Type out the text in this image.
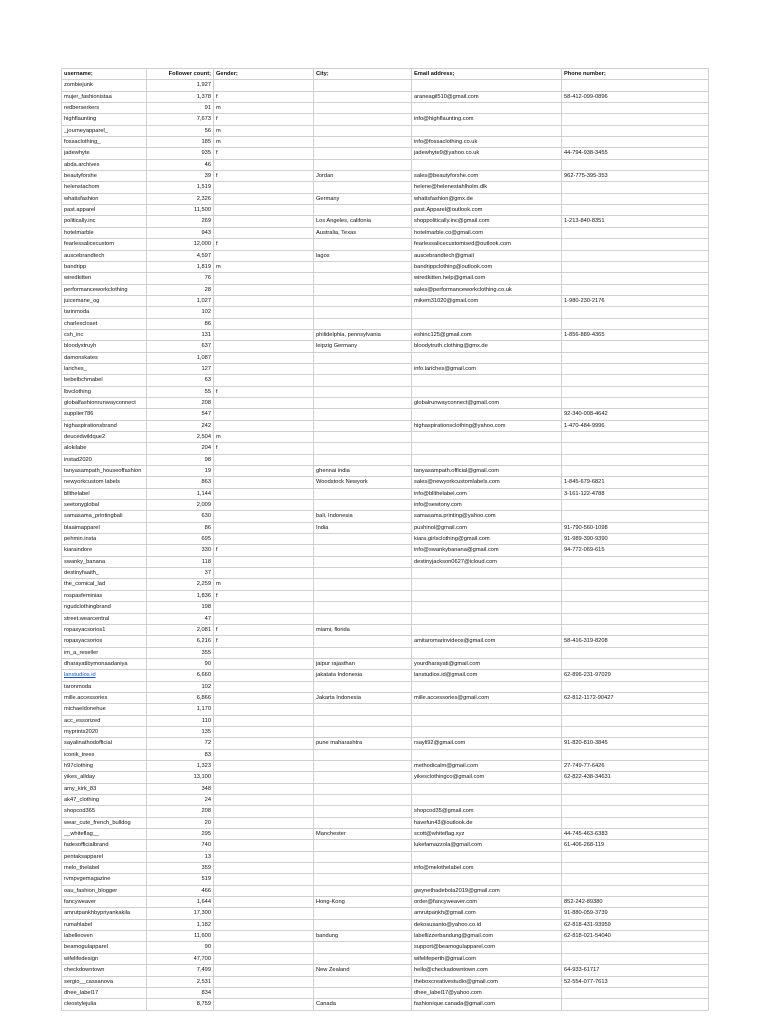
username;	Follower count;	Gender;	City;	Email address;	Phone number;
zombiejunk	1,927				
mujer_fashionistaa	1,378	f		araneagil510@gmail.com	58-412-099-0896
redberserkers	91	m			
highflaunting	7,673	f		info@highflaunting.com	
_journeyapparel_	56	m			
fossaclothing_	185	m		info@fossaclothing.co.uk	
jadewhyte	935	f		jadewhyte9@yahoo.co.uk	44-794-938-3455
abda.archives	46				
beautyforshe	39	f	Jordan	sales@beautyforshe.com	962-775-395-353
helenstachom	1,519			helene@helenestahlholm.dlk	
whatisfashion	2,326		Germany	whatisfashion@gmx.de	
past.apparel	11,500			past.Apparel@outlook.com	
politically.inc	269		Los Angeles, califonia	shoppolitically.inc@gmail.com	1-213-840-8351
hotelmarble	943		Australia, Texas	hotelmarble.co@gmail.com	
fearlessalicecustom	12,000	f		fearlessalicecustomised@outlook.com	
auscebrandtech	4,597		lagos	auscebrandtech@gmail	
bandripp	1,819	m		bandrippclothing@outlook.com	
wiredkitten	76			wiredkitten.help@gmail.com	
performanceworkclothing	28			sales@performanceworkclothing.co.uk	
juicemane_og	1,027			mikem31020@gmail.com	1-980-230-2176
tarinmoda	102				
charlescloset	86				
csh_inc	131		philidelphia, pennsylvania	eshinc125@gmail.com	1-856-889-4365
bloodyxtruyh	637		leipzig Germany	bloodytruth.clothing@gmx.de	
damonskates	1,087				
lariches_	127			info.lariches@gmail.com	
bebelbchmabel	63				
lbvclothing	55	f			
globalfashionrunwayconnect	208			globalrunwayconnect@gmail.com	
supplier786	547				92-340-008-4642
highaspirationsbrand	242			highaspirationsclothing@yahoo.com	1-470-484-9996
deucedwildque2	2,504	m			
alokilabe	204	f			
instad2020	98				
tanyasampath_houseoffashion	19		ghennai india	tanyasampath.official@gmail.com	
newyorkcustom labels	863		Woodstock Newyork	sales@newyorkcustomlabels.com	1-845-679-6821
bllthelabel	1,144			info@bllthelabel.com	3-161-122-4788
seetonyglobal	2,009			info@sewtony.com	
samasama_printingbali	630		bali, Indonesia	samasama.printing@yahoo.com	
blaaimapparel	86		India	pushinol@gmail.com	91-790-560-1098
pehmin.insta	695			kiara.girlsclothing@gmail.com	91-989-390-9390
kiaraindore	330	f		info@swankybanana@gmail.com	94-772-069-615
swanky_banana	118			destinyjackson0627@icloud.com	
destinyfaaith_	37				
the_comical_lad	2,259	m			
rospasfeminias	1,836	f			
ngudclothingbrand	198				
street.wearcentral	47				
ropasyacsorios1	2,081	f	miami, florida		
ropasyacsorios	6,216	f		amitaromarinvideos@gmail.com	58-416-319-8208
im_a_reseller	355				
dharayatibymonaadaniya	90		jaipur rajasthan	yourdharayati@gmail.com	
lanstudios.id	6,660		jakatata Indonesia	lanstudios.id@gmail.com	62-896-231-97029
taronmoda	102				
mille.accessories	6,866		Jakarta Indonesia	mille.accessories@gmail.com	62-812-1172-90427
michaeldonehue	1,170				
acc_essorized	110				
myprints2020	135				
sayalinathodofficial	72		pune maharashtra	rsayli92@gmail.com	91-820-810-3845
iconik_trees	83				
h97clothing	1,323			methodicalm@gmail.com	27-749-77-6426
yikes_allday	13,100			yikesclothingco@gmail.com	62-822-438-34631
amy_kirk_83	348				
ak47_clothing	24				
shopcod365	208			shopcod35@gmail.com	
wear_cute_french_bulldog	20			havefun43@outlook.de	
__whiteflag__	295		Manchester	scott@whiteflag.xyz	44-745-463-6383
fadesofficialbrand	740			lukefamazzola@gmail.com	61-406-268-119
pentaksapparel	13				
melo_thelabel	359			info@melothelabel.com	
rvmpvgemagazine	519				
oau_fashion_blogger	466			gwynethadebola2019@gmail.com	
fancyweaver	1,644		Hong-Kong	order@fancyweaver.com	852-242-89380
amrutpankhbypriyankakila	17,300			amrutpankh@gmail.com	91-880-059-3739
rumahlabel	1,182			dekosusanto@yahoo.co.id	62-818-431-93959
labelleoven	11,600		bandung	labellizzerbandung@gmail.com	62-818-021-54040
beamogulapparel	90			support@beamogulapparel.com	
wifelifedesign	47,700			wifelifeperth@gmail.com	
checkdowntown	7,499		New Zealand	hello@checkadowntown.com	64-933-61717
sergio__cassanova	2,531			theboxcreativestudio@gmail.com	52-554-077-7613
dhee_label17	834			dhee_label17@yahoo.com	
cleostylejulia	8,759		Canada	fashionique.canada@gmail.com	
